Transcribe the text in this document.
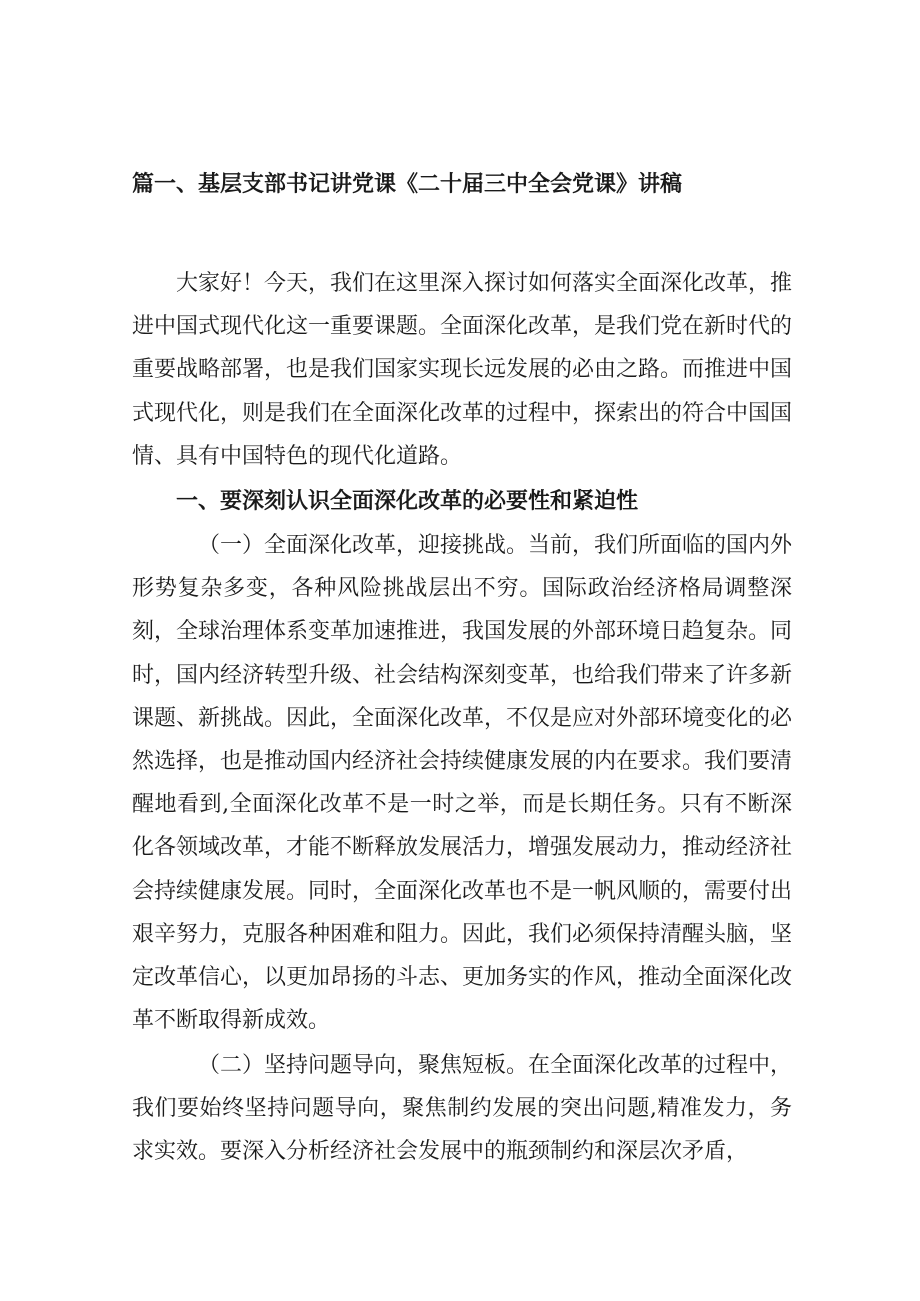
篇一、基层支部书记讲党课《二十届三中全会党课》讲稿

大家好！今天，我们在这里深入探讨如何落实全面深化改革，推进中国式现代化这一重要课题。全面深化改革，是我们党在新时代的重要战略部署，也是我们国家实现长远发展的必由之路。而推进中国式现代化，则是我们在全面深化改革的过程中，探索出的符合中国国情、具有中国特色的现代化道路。

一、要深刻认识全面深化改革的必要性和紧迫性

（一）全面深化改革，迎接挑战。当前，我们所面临的国内外形势复杂多变，各种风险挑战层出不穷。国际政治经济格局调整深刻，全球治理体系变革加速推进，我国发展的外部环境日趋复杂。同时，国内经济转型升级、社会结构深刻变革，也给我们带来了许多新课题、新挑战。因此，全面深化改革，不仅是应对外部环境变化的必然选择，也是推动国内经济社会持续健康发展的内在要求。我们要清醒地看到,全面深化改革不是一时之举，而是长期任务。只有不断深化各领域改革，才能不断释放发展活力，增强发展动力，推动经济社会持续健康发展。同时，全面深化改革也不是一帆风顺的，需要付出艰辛努力，克服各种困难和阻力。因此，我们必须保持清醒头脑，坚定改革信心，以更加昂扬的斗志、更加务实的作风，推动全面深化改革不断取得新成效。

（二）坚持问题导向，聚焦短板。在全面深化改革的过程中，我们要始终坚持问题导向，聚焦制约发展的突出问题,精准发力，务求实效。要深入分析经济社会发展中的瓶颈制约和深层次矛盾，
